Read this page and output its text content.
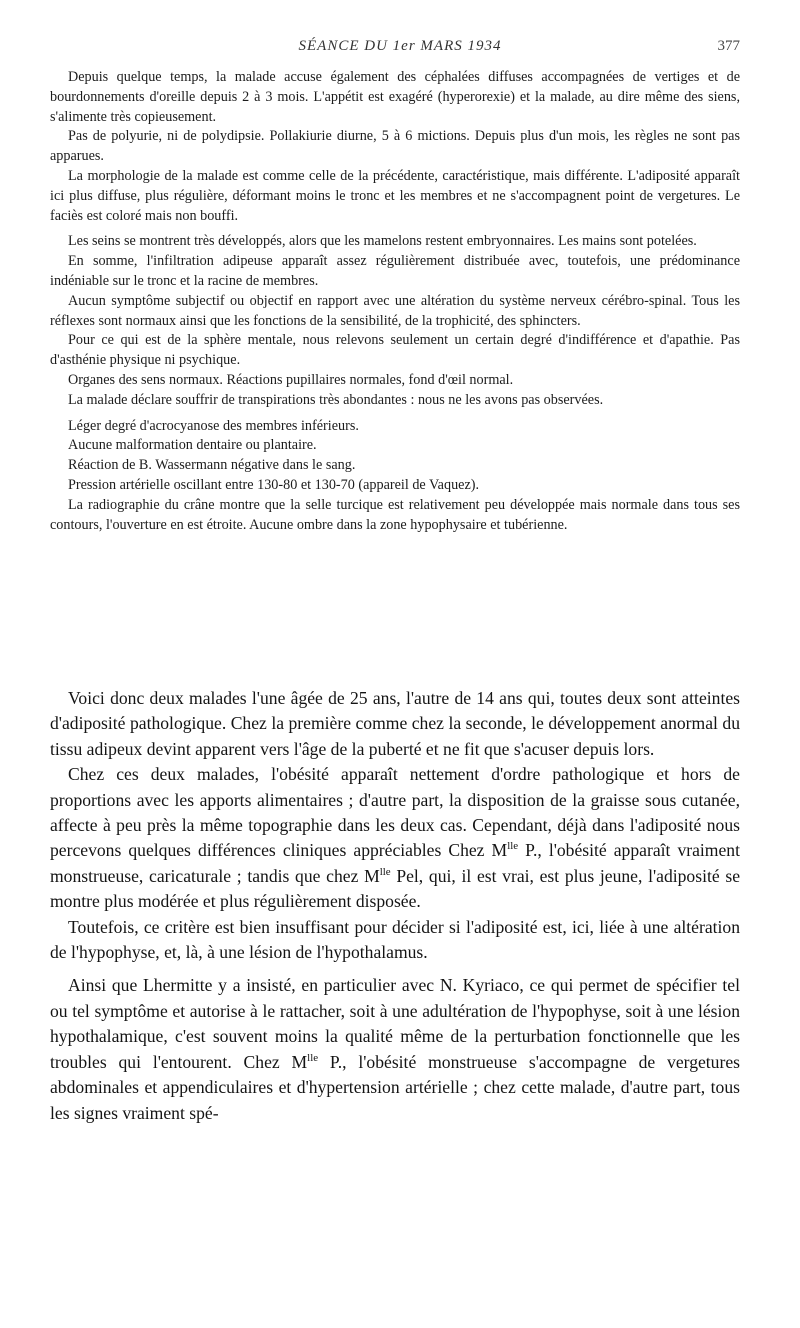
SÉANCE DU 1er MARS 1934	377

Depuis quelque temps, la malade accuse également des céphalées diffuses accompagnées de vertiges et de bourdonnements d'oreille depuis 2 à 3 mois. L'appétit est exagéré (hyperorexie) et la malade, au dire même des siens, s'alimente très copieusement.

Pas de polyurie, ni de polydipsie. Pollakiurie diurne, 5 à 6 mictions. Depuis plus d'un mois, les règles ne sont pas apparues.

La morphologie de la malade est comme celle de la précédente, caractéristique, mais différente. L'adiposité apparaît ici plus diffuse, plus régulière, déformant moins le tronc et les membres et ne s'accompagnent point de vergetures. Le faciès est coloré mais non bouffi.

Les seins se montrent très développés, alors que les mamelons restent embryonnaires. Les mains sont potelées.

En somme, l'infiltration adipeuse apparaît assez régulièrement distribuée avec, toutefois, une prédominance indéniable sur le tronc et la racine de membres.

Aucun symptôme subjectif ou objectif en rapport avec une altération du système nerveux cérébro-spinal. Tous les réflexes sont normaux ainsi que les fonctions de la sensibilité, de la trophicité, des sphincters.

Pour ce qui est de la sphère mentale, nous relevons seulement un certain degré d'indifférence et d'apathie. Pas d'asthénie physique ni psychique.

Organes des sens normaux. Réactions pupillaires normales, fond d'œil normal.

La malade déclare souffrir de transpirations très abondantes : nous ne les avons pas observées.

Léger degré d'acrocyanose des membres inférieurs.

Aucune malformation dentaire ou plantaire.

Réaction de B. Wassermann négative dans le sang.

Pression artérielle oscillant entre 130-80 et 130-70 (appareil de Vaquez).

La radiographie du crâne montre que la selle turcique est relativement peu développée mais normale dans tous ses contours, l'ouverture en est étroite. Aucune ombre dans la zone hypophysaire et tubérienne.

Voici donc deux malades l'une âgée de 25 ans, l'autre de 14 ans qui, toutes deux sont atteintes d'adiposité pathologique. Chez la première comme chez la seconde, le développement anormal du tissu adipeux devint apparent vers l'âge de la puberté et ne fit que s'acuser depuis lors.

Chez ces deux malades, l'obésité apparaît nettement d'ordre pathologique et hors de proportions avec les apports alimentaires ; d'autre part, la disposition de la graisse sous cutanée, affecte à peu près la même topographie dans les deux cas. Cependant, déjà dans l'adiposité nous percevons quelques différences cliniques appréciables Chez $M^{lle}$ P., l'obésité apparaît vraiment monstrueuse, caricaturale ; tandis que chez $M^{lle}$ Pel, qui, il est vrai, est plus jeune, l'adiposité se montre plus modérée et plus régulièrement disposée.

Toutefois, ce critère est bien insuffisant pour décider si l'adiposité est, ici, liée à une altération de l'hypophyse, et, là, à une lésion de l'hypothalamus.

Ainsi que Lhermitte y a insisté, en particulier avec N. Kyriaco, ce qui permet de spécifier tel ou tel symptôme et autorise à le rattacher, soit à une adultération de l'hypophyse, soit à une lésion hypothalamique, c'est souvent moins la qualité même de la perturbation fonctionnelle que les troubles qui l'entourent. Chez $M^{lle}$ P., l'obésité monstrueuse s'accompagne de vergetures abdominales et appendiculaires et d'hypertension artérielle ; chez cette malade, d'autre part, tous les signes vraiment spé-
